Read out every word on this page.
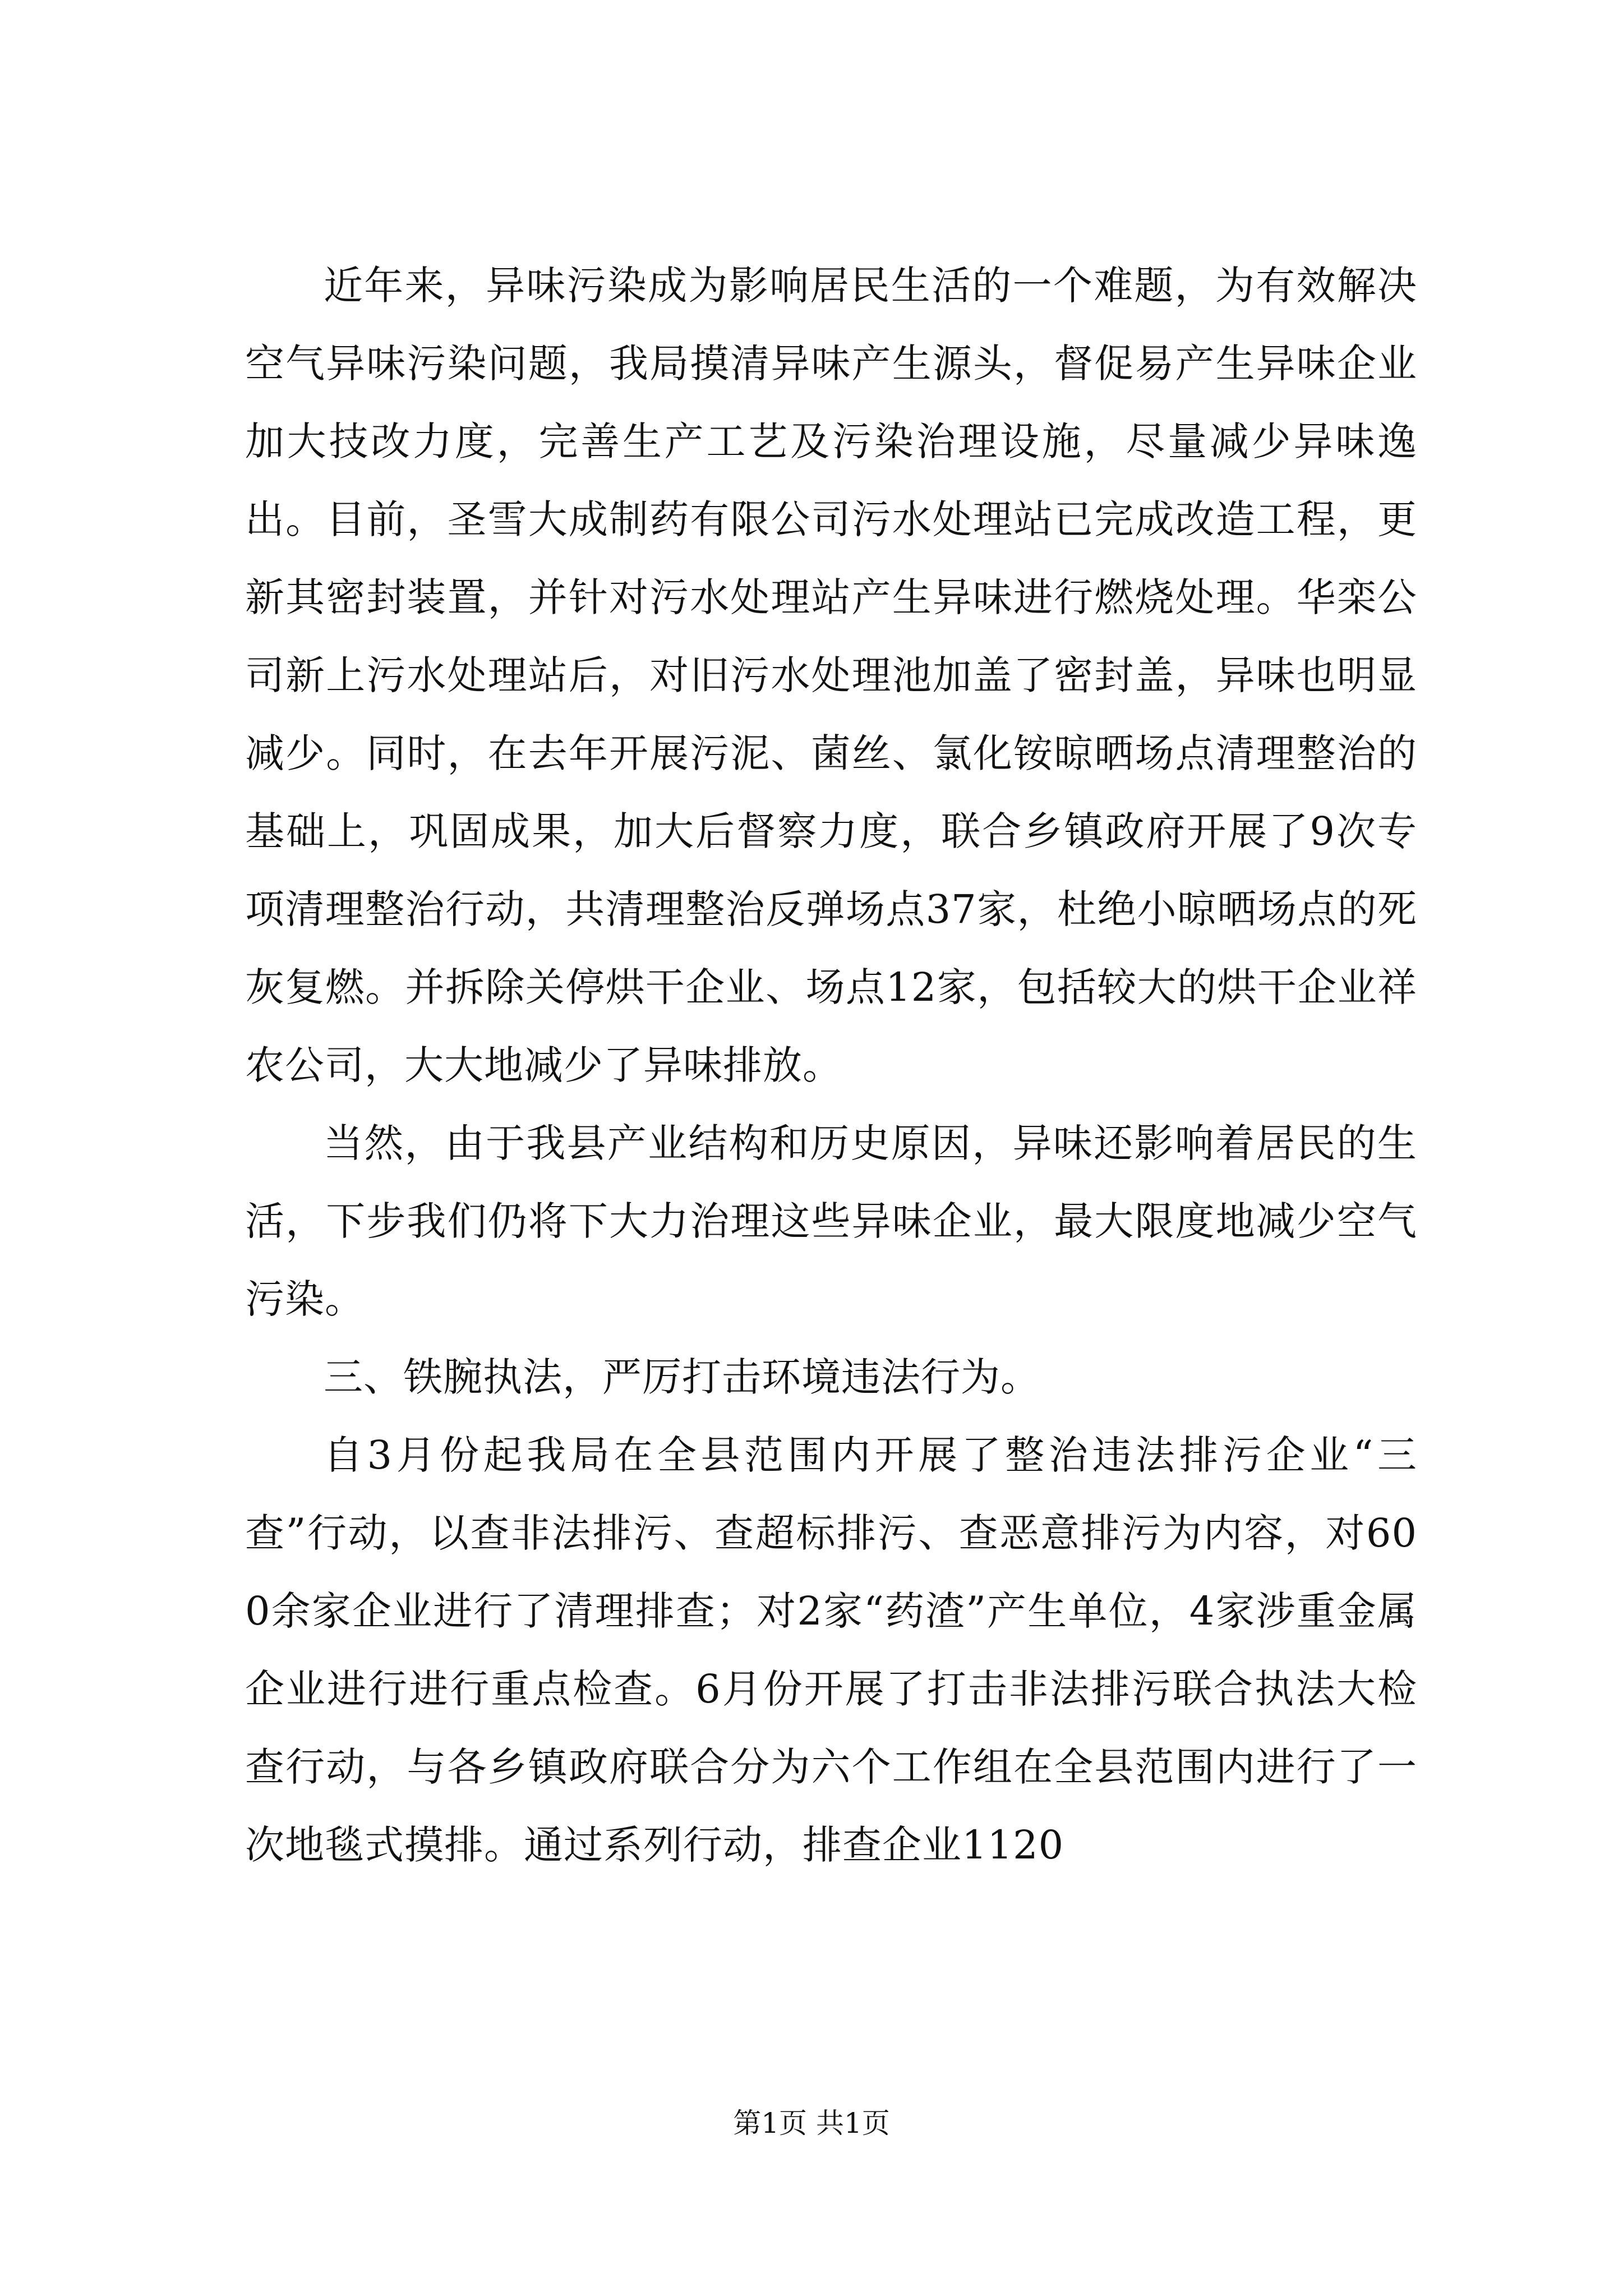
近年来，异味污染成为影响居民生活的一个难题，为有效解决空气异味污染问题，我局摸清异味产生源头，督促易产生异味企业加大技改力度，完善生产工艺及污染治理设施，尽量减少异味逸出。目前，圣雪大成制药有限公司污水处理站已完成改造工程，更新其密封装置，并针对污水处理站产生异味进行燃烧处理。华栾公司新上污水处理站后，对旧污水处理池加盖了密封盖，异味也明显减少。同时，在去年开展污泥、菌丝、氯化铵晾晒场点清理整治的基础上，巩固成果，加大后督察力度，联合乡镇政府开展了9次专项清理整治行动，共清理整治反弹场点37家，杜绝小晾晒场点的死灰复燃。并拆除关停烘干企业、场点12家，包括较大的烘干企业祥农公司，大大地减少了异味排放。

当然，由于我县产业结构和历史原因，异味还影响着居民的生活，下步我们仍将下大力治理这些异味企业，最大限度地减少空气污染。

三、铁腕执法，严厉打击环境违法行为。

自3月份起我局在全县范围内开展了整治违法排污企业“三查”行动，以查非法排污、查超标排污、查恶意排污为内容，对600余家企业进行了清理排查；对2家“药渣”产生单位，4家涉重金属企业进行进行重点检查。6月份开展了打击非法排污联合执法大检查行动，与各乡镇政府联合分为六个工作组在全县范围内进行了一次地毯式摸排。通过系列行动，排查企业1120

第1页 共1页
